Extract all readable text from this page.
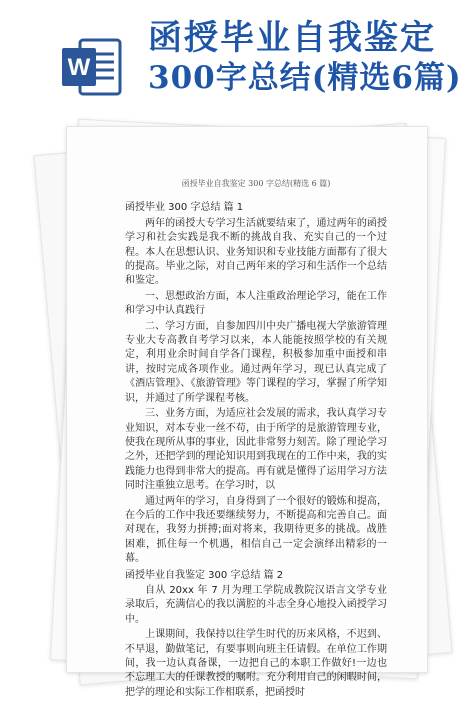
W
函授毕业自我鉴定
300字总结(精选6篇)
函授毕业自我鉴定 300 字总结(精选 6 篇)

函授毕业 300 字总结 篇 1

两年的函授大专学习生活就要结束了，通过两年的函授学习和社会实践是我不断的挑战自我、充实自己的一个过程。本人在思想认识、业务知识和专业技能方面都有了很大的提高。毕业之际，对自己两年来的学习和生活作一个总结和鉴定。

一、思想政治方面，本人注重政治理论学习，能在工作和学习中认真践行

二、学习方面，自参加四川中央广播电视大学旅游管理专业大专高教自考学习以来，本人能能按照学校的有关规定，利用业余时间自学各门课程，积极参加重中面授和串讲，按时完成各项作业。通过两年学习，现已认真完成了《酒店管理》、《旅游管理》等门课程的学习，掌握了所学知识，并通过了所学课程考核。

三、业务方面，为适应社会发展的需求，我认真学习专业知识，对本专业一丝不苟，由于所学的是旅游管理专业，使我在现所从事的事业，因此非常努力刻苦。除了理论学习之外，还把学到的理论知识用到我现在的工作中来，我的实践能力也得到非常大的提高。再有就是懂得了运用学习方法同时注重独立思考。在学习时，以

通过两年的学习，自身得到了一个很好的锻炼和提高，在今后的工作中我还要继续努力，不断提高和完善自己。面对现在，我努力拼搏;面对将来，我期待更多的挑战。战胜困难，抓住每一个机遇，相信自己一定会演绎出精彩的一幕。

函授毕业自我鉴定 300 字总结 篇 2

自从 20xx 年 7 月为理工学院成教院汉语言文学专业录取后，充满信心的我以满腔的斗志全身心地投入函授学习中。

上课期间，我保持以往学生时代的历来风格，不迟到、不早退，勤做笔记，有要事则向班主任请假。在单位工作期间，我一边认真备课，一边把自己的本职工作做好!一边也不忘理工大的任课教授的嘱咐。充分利用自己的闲暇时间，把学的理论和实际工作相联系，把函授时
